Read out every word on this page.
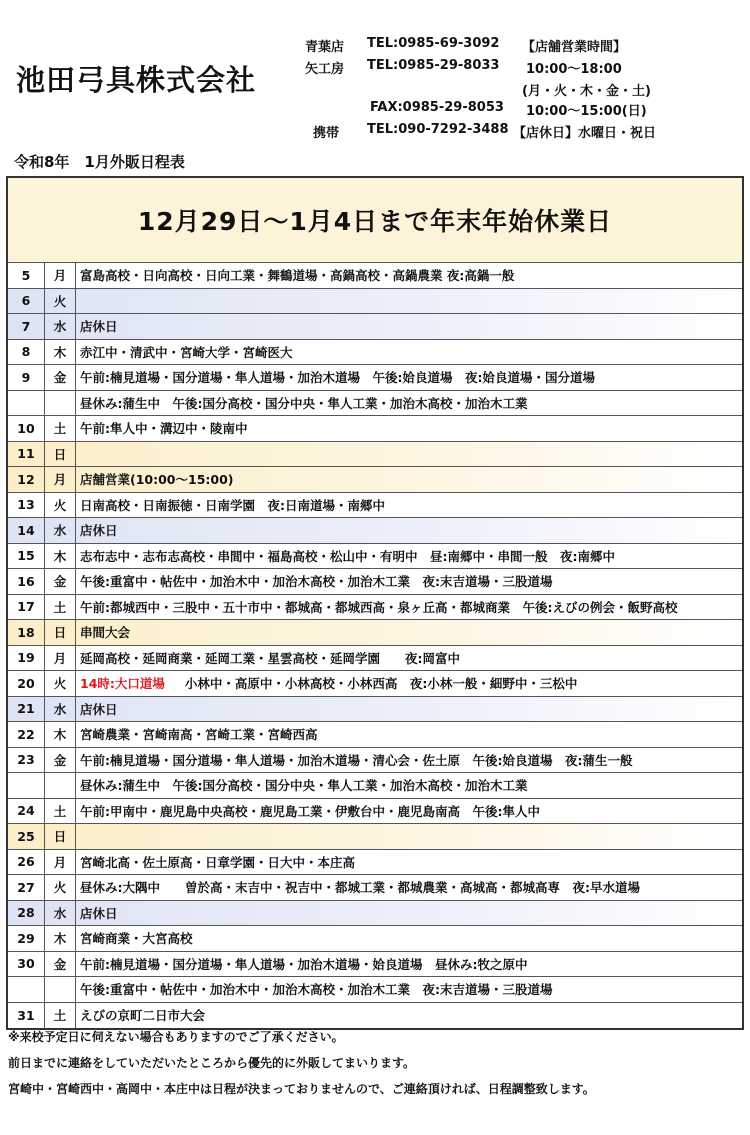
池田弓具株式会社
青葉店 TEL:0985-69-3092
矢工房 TEL:0985-29-8033
FAX:0985-29-8053
携帯 TEL:090-7292-3488
【店舗営業時間】
10:00～18:00
(月・火・木・金・土)
10:00～15:00(日)
【店休日】水曜日・祝日
令和8年　1月外販日程表
12月29日～1月4日まで年末年始休業日
5	月	富島高校・日向高校・日向工業・舞鶴道場・高鍋高校・高鍋農業 夜:高鍋一般
6	火
7	水	店休日
8	木	赤江中・清武中・宮崎大学・宮崎医大
9	金	午前:楠見道場・国分道場・隼人道場・加治木道場　午後:姶良道場　夜:姶良道場・国分道場
昼休み:蒲生中　午後:国分高校・国分中央・隼人工業・加治木高校・加治木工業
10	土	午前:隼人中・溝辺中・陵南中
11	日
12	月	店舗営業(10:00～15:00)
13	火	日南高校・日南振徳・日南学園　夜:日南道場・南郷中
14	水	店休日
15	木	志布志中・志布志高校・串間中・福島高校・松山中・有明中　昼:南郷中・串間一般　夜:南郷中
16	金	午後:重富中・帖佐中・加治木中・加治木高校・加治木工業　夜:末吉道場・三股道場
17	土	午前:都城西中・三股中・五十市中・都城高・都城西高・泉ヶ丘高・都城商業　午後:えびの例会・飯野高校
18	日	串間大会
19	月	延岡高校・延岡商業・延岡工業・星雲高校・延岡学園　　夜:岡富中
20	火	14時:大口道場 小林中・高原中・小林高校・小林西高　夜:小林一般・細野中・三松中
21	水	店休日
22	木	宮崎農業・宮崎南高・宮崎工業・宮崎西高
23	金	午前:楠見道場・国分道場・隼人道場・加治木道場・清心会・佐土原　午後:姶良道場　夜:蒲生一般
昼休み:蒲生中　午後:国分高校・国分中央・隼人工業・加治木高校・加治木工業
24	土	午前:甲南中・鹿児島中央高校・鹿児島工業・伊敷台中・鹿児島南高　午後:隼人中
25	日
26	月	宮崎北高・佐土原高・日章学園・日大中・本庄高
27	火	昼休み:大隅中　　曽於高・末吉中・祝吉中・都城工業・都城農業・高城高・都城高専　夜:早水道場
28	水	店休日
29	木	宮崎商業・大宮高校
30	金	午前:楠見道場・国分道場・隼人道場・加治木道場・姶良道場　昼休み:牧之原中
午後:重富中・帖佐中・加治木中・加治木高校・加治木工業　夜:末吉道場・三股道場
31	土	えびの京町二日市大会
※来校予定日に伺えない場合もありますのでご了承ください。
前日までに連絡をしていただいたところから優先的に外販してまいります。
宮崎中・宮崎西中・高岡中・本庄中は日程が決まっておりませんので、ご連絡頂ければ、日程調整致します。
